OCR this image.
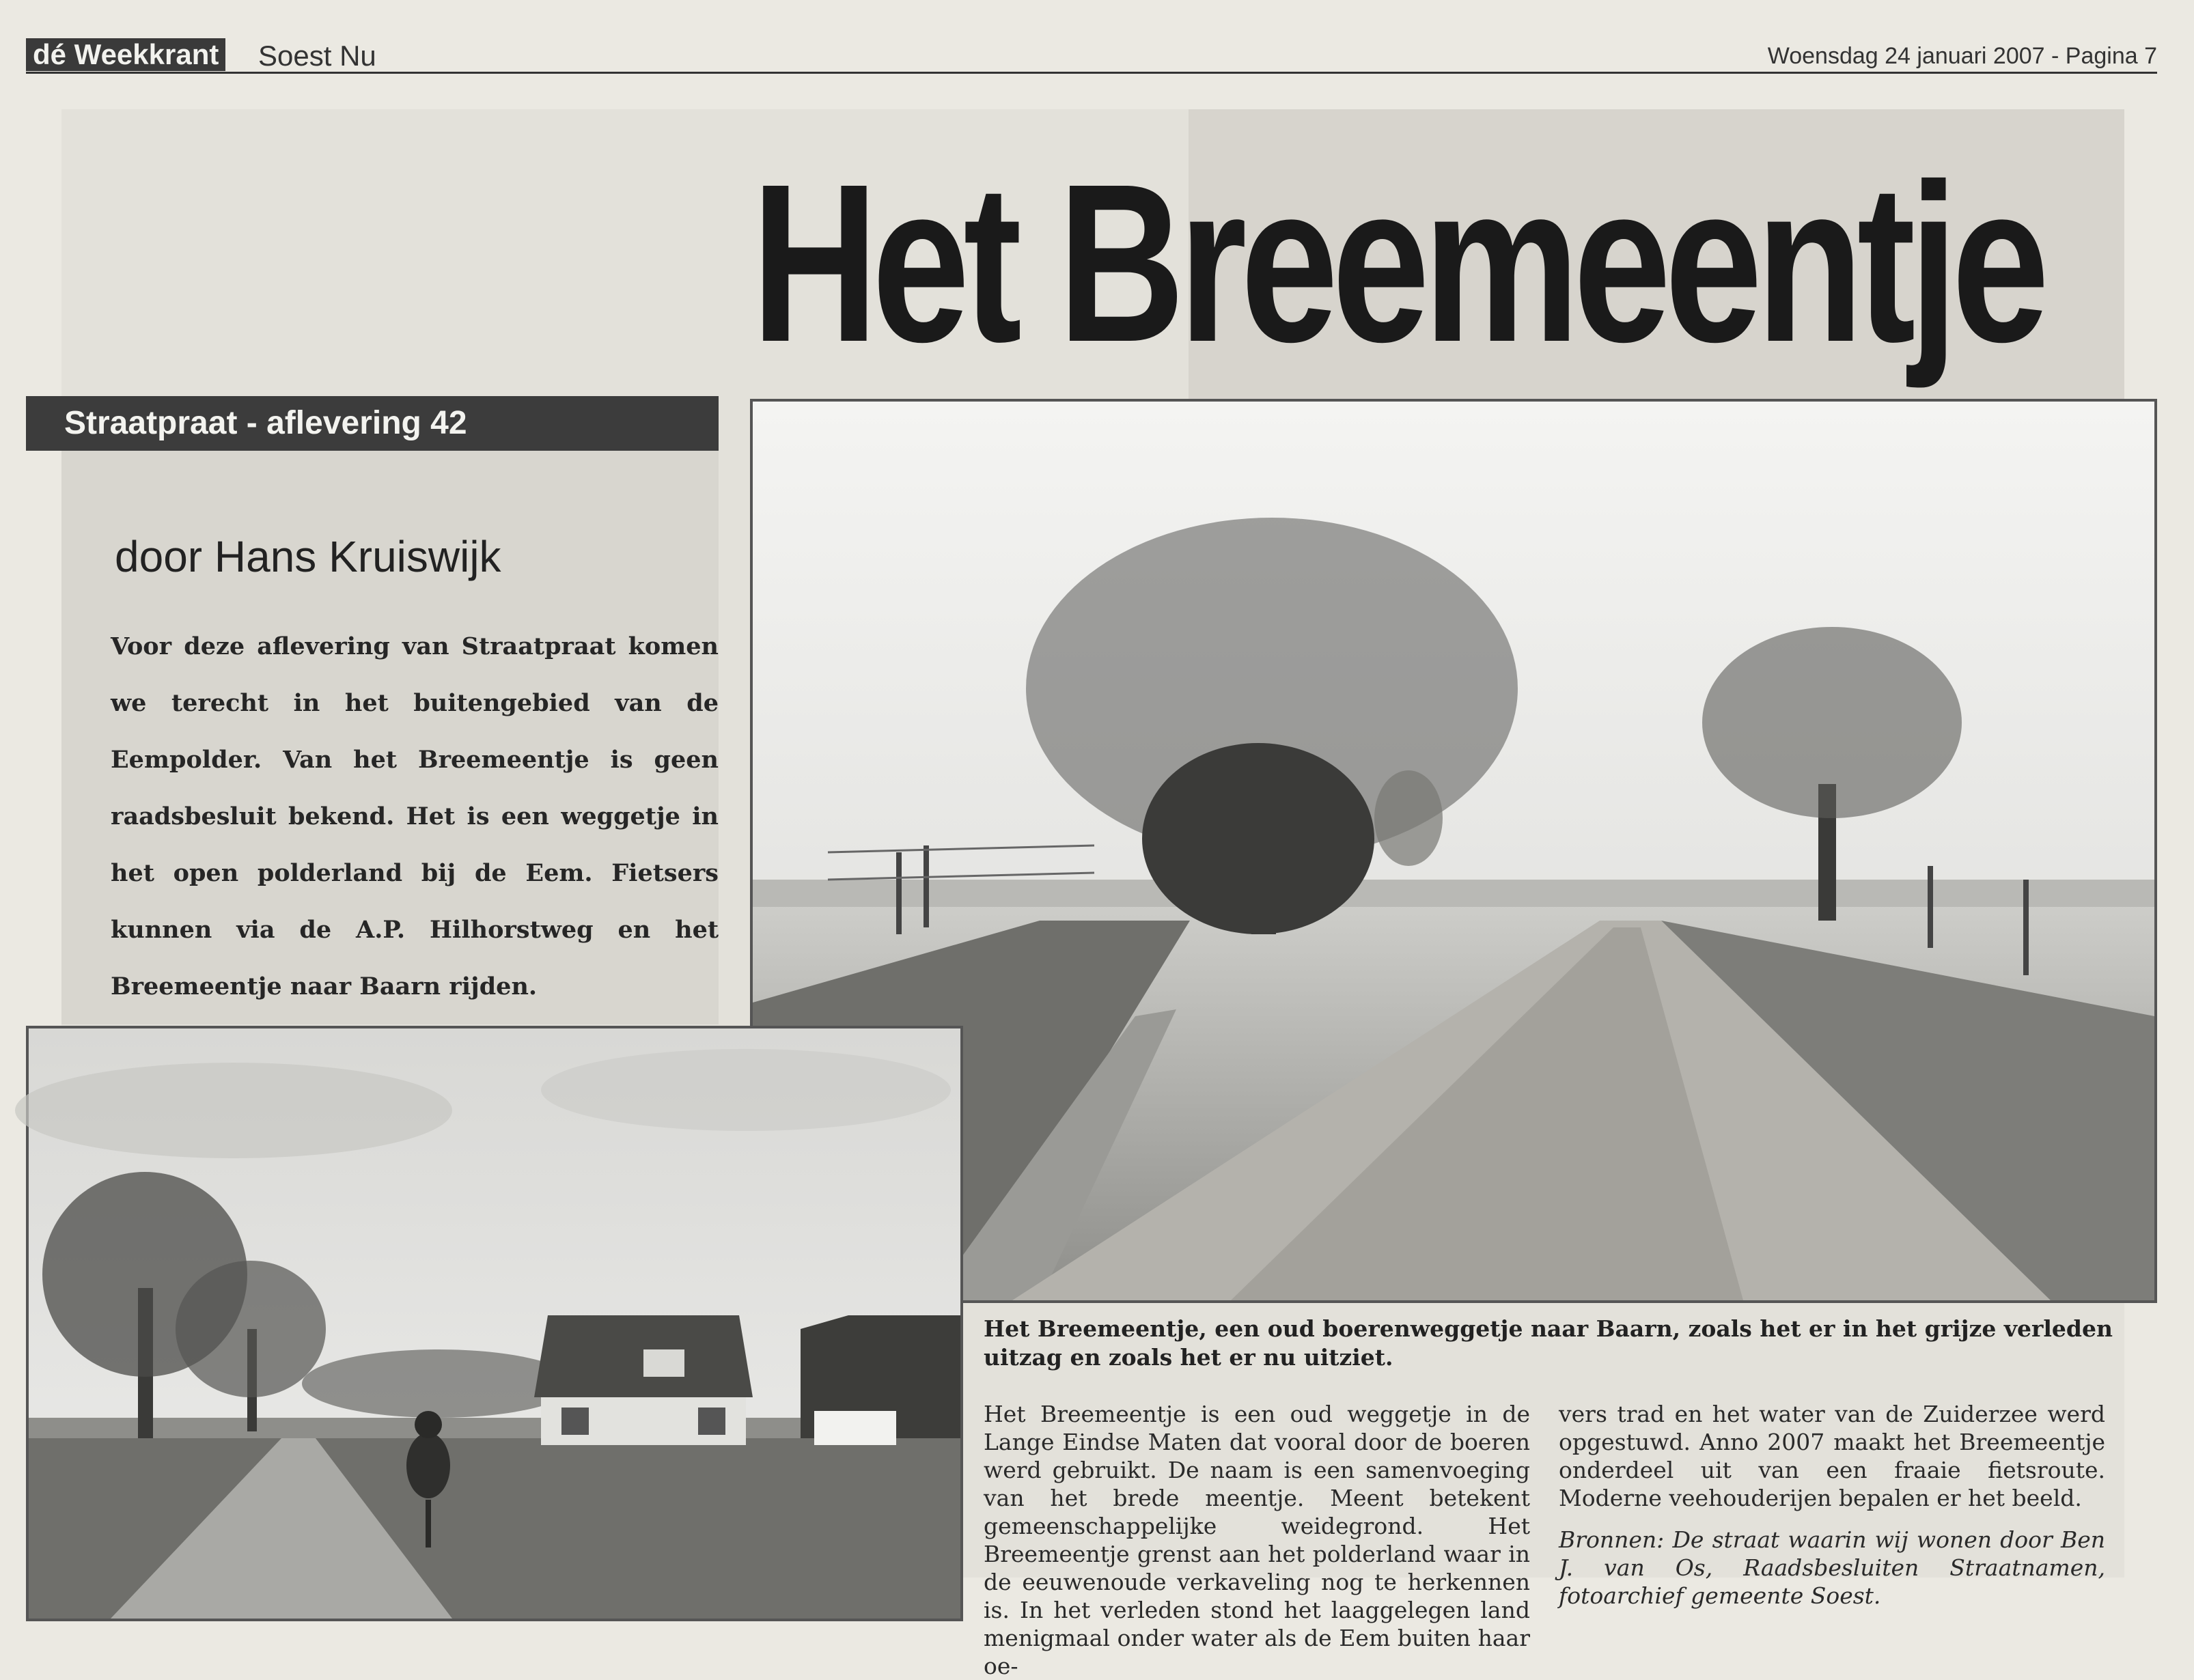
dé Weekkrant Soest Nu	Woensdag 24 januari 2007 - Pagina 7
Het Breemeentje
Straatpraat - aflevering 42
door Hans Kruiswijk
Voor deze aflevering van Straatpraat komen we terecht in het buitengebied van de Eempolder. Van het Breemeentje is geen raadsbesluit bekend. Het is een weggetje in het open polderland bij de Eem. Fietsers kunnen via de A.P. Hilhorstweg en het Breemeentje naar Baarn rijden.
Het Breemeentje, een oud boerenweggetje naar Baarn, zoals het er in het grijze verleden uitzag en zoals het er nu uitziet.
Het Breemeentje is een oud weggetje in de Lange Eindse Maten dat vooral door de boeren werd gebruikt. De naam is een samenvoeging van het brede meentje. Meent betekent gemeenschappelijke weidegrond. Het Breemeentje grenst aan het polderland waar in de eeuwenoude verkaveling nog te herkennen is. In het verleden stond het laaggelegen land menigmaal onder water als de Eem buiten haar oe-
vers trad en het water van de Zuiderzee werd opgestuwd. Anno 2007 maakt het Breemeentje onderdeel uit van een fraaie fietsroute. Moderne veehouderijen bepalen er het beeld.
Bronnen: De straat waarin wij wonen door Ben J. van Os, Raadsbesluiten Straatnamen, fotoarchief gemeente Soest.
